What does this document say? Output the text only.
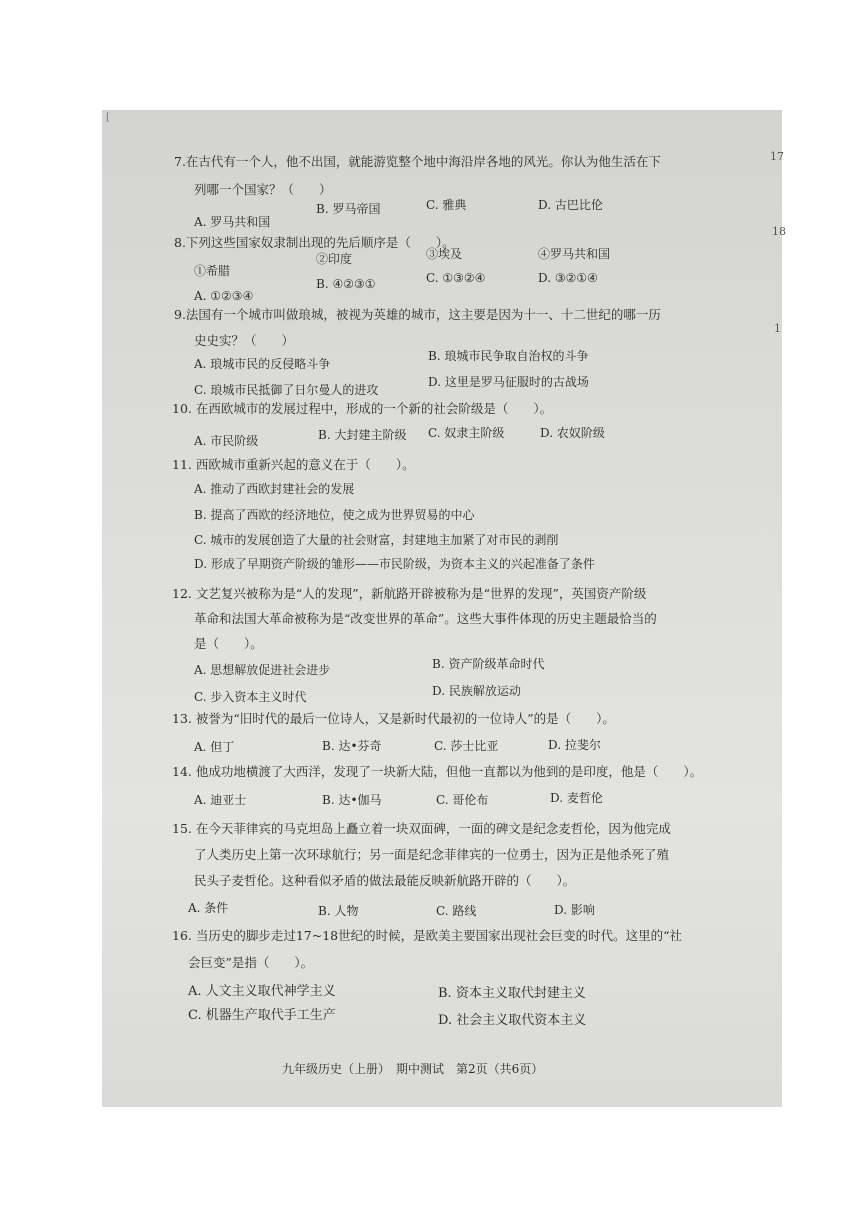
[
17
18
1
7.在古代有一个人，他不出国，就能游览整个地中海沿岸各地的风光。你认为他生活在下
列哪一个国家？（　　）
A. 罗马共和国
B. 罗马帝国	C. 雅典	D. 古巴比伦
8.下列这些国家奴隶制出现的先后顺序是（　　）。
①希腊
②印度	③埃及	④罗马共和国
A. ①②③④
B. ④②③①	C. ①③②④	D. ③②①④
9.法国有一个城市叫做琅城，被视为英雄的城市，这主要是因为十一、十二世纪的哪一历
史史实？（　　）
A. 琅城市民的反侵略斗争
B. 琅城市民争取自治权的斗争
C. 琅城市民抵御了日尔曼人的进攻
D. 这里是罗马征服时的古战场
10. 在西欧城市的发展过程中，形成的一个新的社会阶级是（　　）。
A. 市民阶级	B. 大封建主阶级 C. 奴隶主阶级	D. 农奴阶级
11. 西欧城市重新兴起的意义在于（　　）。
A. 推动了西欧封建社会的发展
B. 提高了西欧的经济地位，使之成为世界贸易的中心
C. 城市的发展创造了大量的社会财富，封建地主加紧了对市民的剥削
D. 形成了早期资产阶级的雏形——市民阶级，为资本主义的兴起准备了条件
12. 文艺复兴被称为是“人的发现”，新航路开辟被称为是“世界的发现”，英国资产阶级
革命和法国大革命被称为是“改变世界的革命”。这些大事件体现的历史主题最恰当的
是（　　）。
A. 思想解放促进社会进步	B. 资产阶级革命时代
C. 步入资本主义时代	D. 民族解放运动
13. 被誉为“旧时代的最后一位诗人，又是新时代最初的一位诗人”的是（　　）。
A. 但丁	B. 达•芬奇	C. 莎士比亚	D. 拉斐尔
14. 他成功地横渡了大西洋，发现了一块新大陆，但他一直都以为他到的是印度，他是（　　）。
A. 迪亚士	B. 达•伽马	C. 哥伦布	D. 麦哲伦
15. 在今天菲律宾的马克坦岛上矗立着一块双面碑，一面的碑文是纪念麦哲伦，因为他完成
了人类历史上第一次环球航行；另一面是纪念菲律宾的一位勇士，因为正是他杀死了殖
民头子麦哲伦。这种看似矛盾的做法最能反映新航路开辟的（　　）。
A. 条件	B. 人物	C. 路线	D. 影响
16. 当历史的脚步走过17~18世纪的时候，是欧美主要国家出现社会巨变的时代。这里的“社
会巨变”是指（　　）。
A. 人文主义取代神学主义	B. 资本主义取代封建主义
C. 机器生产取代手工生产	D. 社会主义取代资本主义
九年级历史（上册）　期中测试　第2页（共6页）
